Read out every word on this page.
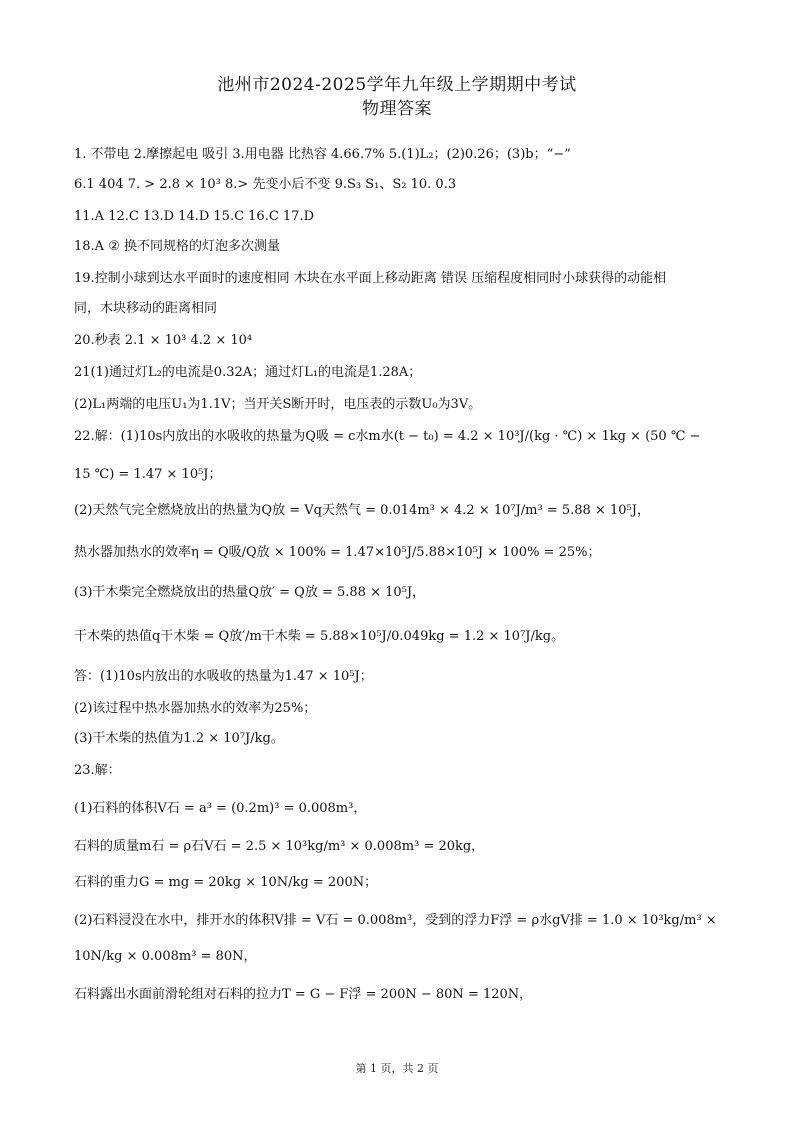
池州市2024-2025学年九年级上学期期中考试
物理答案
1. 不带电 2.摩擦起电 吸引 3.用电器 比热容 4.66.7% 5.(1)L₂；(2)0.26；(3)b；“−”
6.1 404 7. > 2.8 × 10³ 8.> 先变小后不变 9.S₃ S₁、S₂ 10. 0.3
11.A 12.C 13.D 14.D 15.C 16.C 17.D
18.A ② 换不同规格的灯泡多次测量
19.控制小球到达水平面时的速度相同 木块在水平面上移动距离 错误 压缩程度相同时小球获得的动能相
同，木块移动的距离相同
20.秒表 2.1 × 10³ 4.2 × 10⁴
21(1)通过灯L₂的电流是0.32A；通过灯L₁的电流是1.28A；
(2)L₁两端的电压U₁为1.1V；当开关S断开时，电压表的示数U₀为3V。
22.解：(1)10s内放出的水吸收的热量为Q吸 = c水m水(t − t₀) = 4.2 × 10³J/(kg · ℃) × 1kg × (50 ℃ −
15 ℃) = 1.47 × 10⁵J；
(2)天然气完全燃烧放出的热量为Q放 = Vq天然气 = 0.014m³ × 4.2 × 10⁷J/m³ = 5.88 × 10⁵J，
热水器加热水的效率η = Q吸/Q放 × 100% = 1.47×10⁵J/5.88×10⁵J × 100% = 25%；
(3)干木柴完全燃烧放出的热量Q放′ = Q放 = 5.88 × 10⁵J，
干木柴的热值q干木柴 = Q放′/m干木柴 = 5.88×10⁵J/0.049kg = 1.2 × 10⁷J/kg。
答：(1)10s内放出的水吸收的热量为1.47 × 10⁵J；
(2)该过程中热水器加热水的效率为25%；
(3)干木柴的热值为1.2 × 10⁷J/kg。
23.解：
(1)石料的体积V石 = a³ = (0.2m)³ = 0.008m³，
石料的质量m石 = ρ石V石 = 2.5 × 10³kg/m³ × 0.008m³ = 20kg，
石料的重力G = mg = 20kg × 10N/kg = 200N；
(2)石料浸没在水中，排开水的体积V排 = V石 = 0.008m³，受到的浮力F浮 = ρ水gV排 = 1.0 × 10³kg/m³ ×
10N/kg × 0.008m³ = 80N，
石料露出水面前滑轮组对石料的拉力T = G − F浮 = 200N − 80N = 120N，
第 1 页，共 2 页
